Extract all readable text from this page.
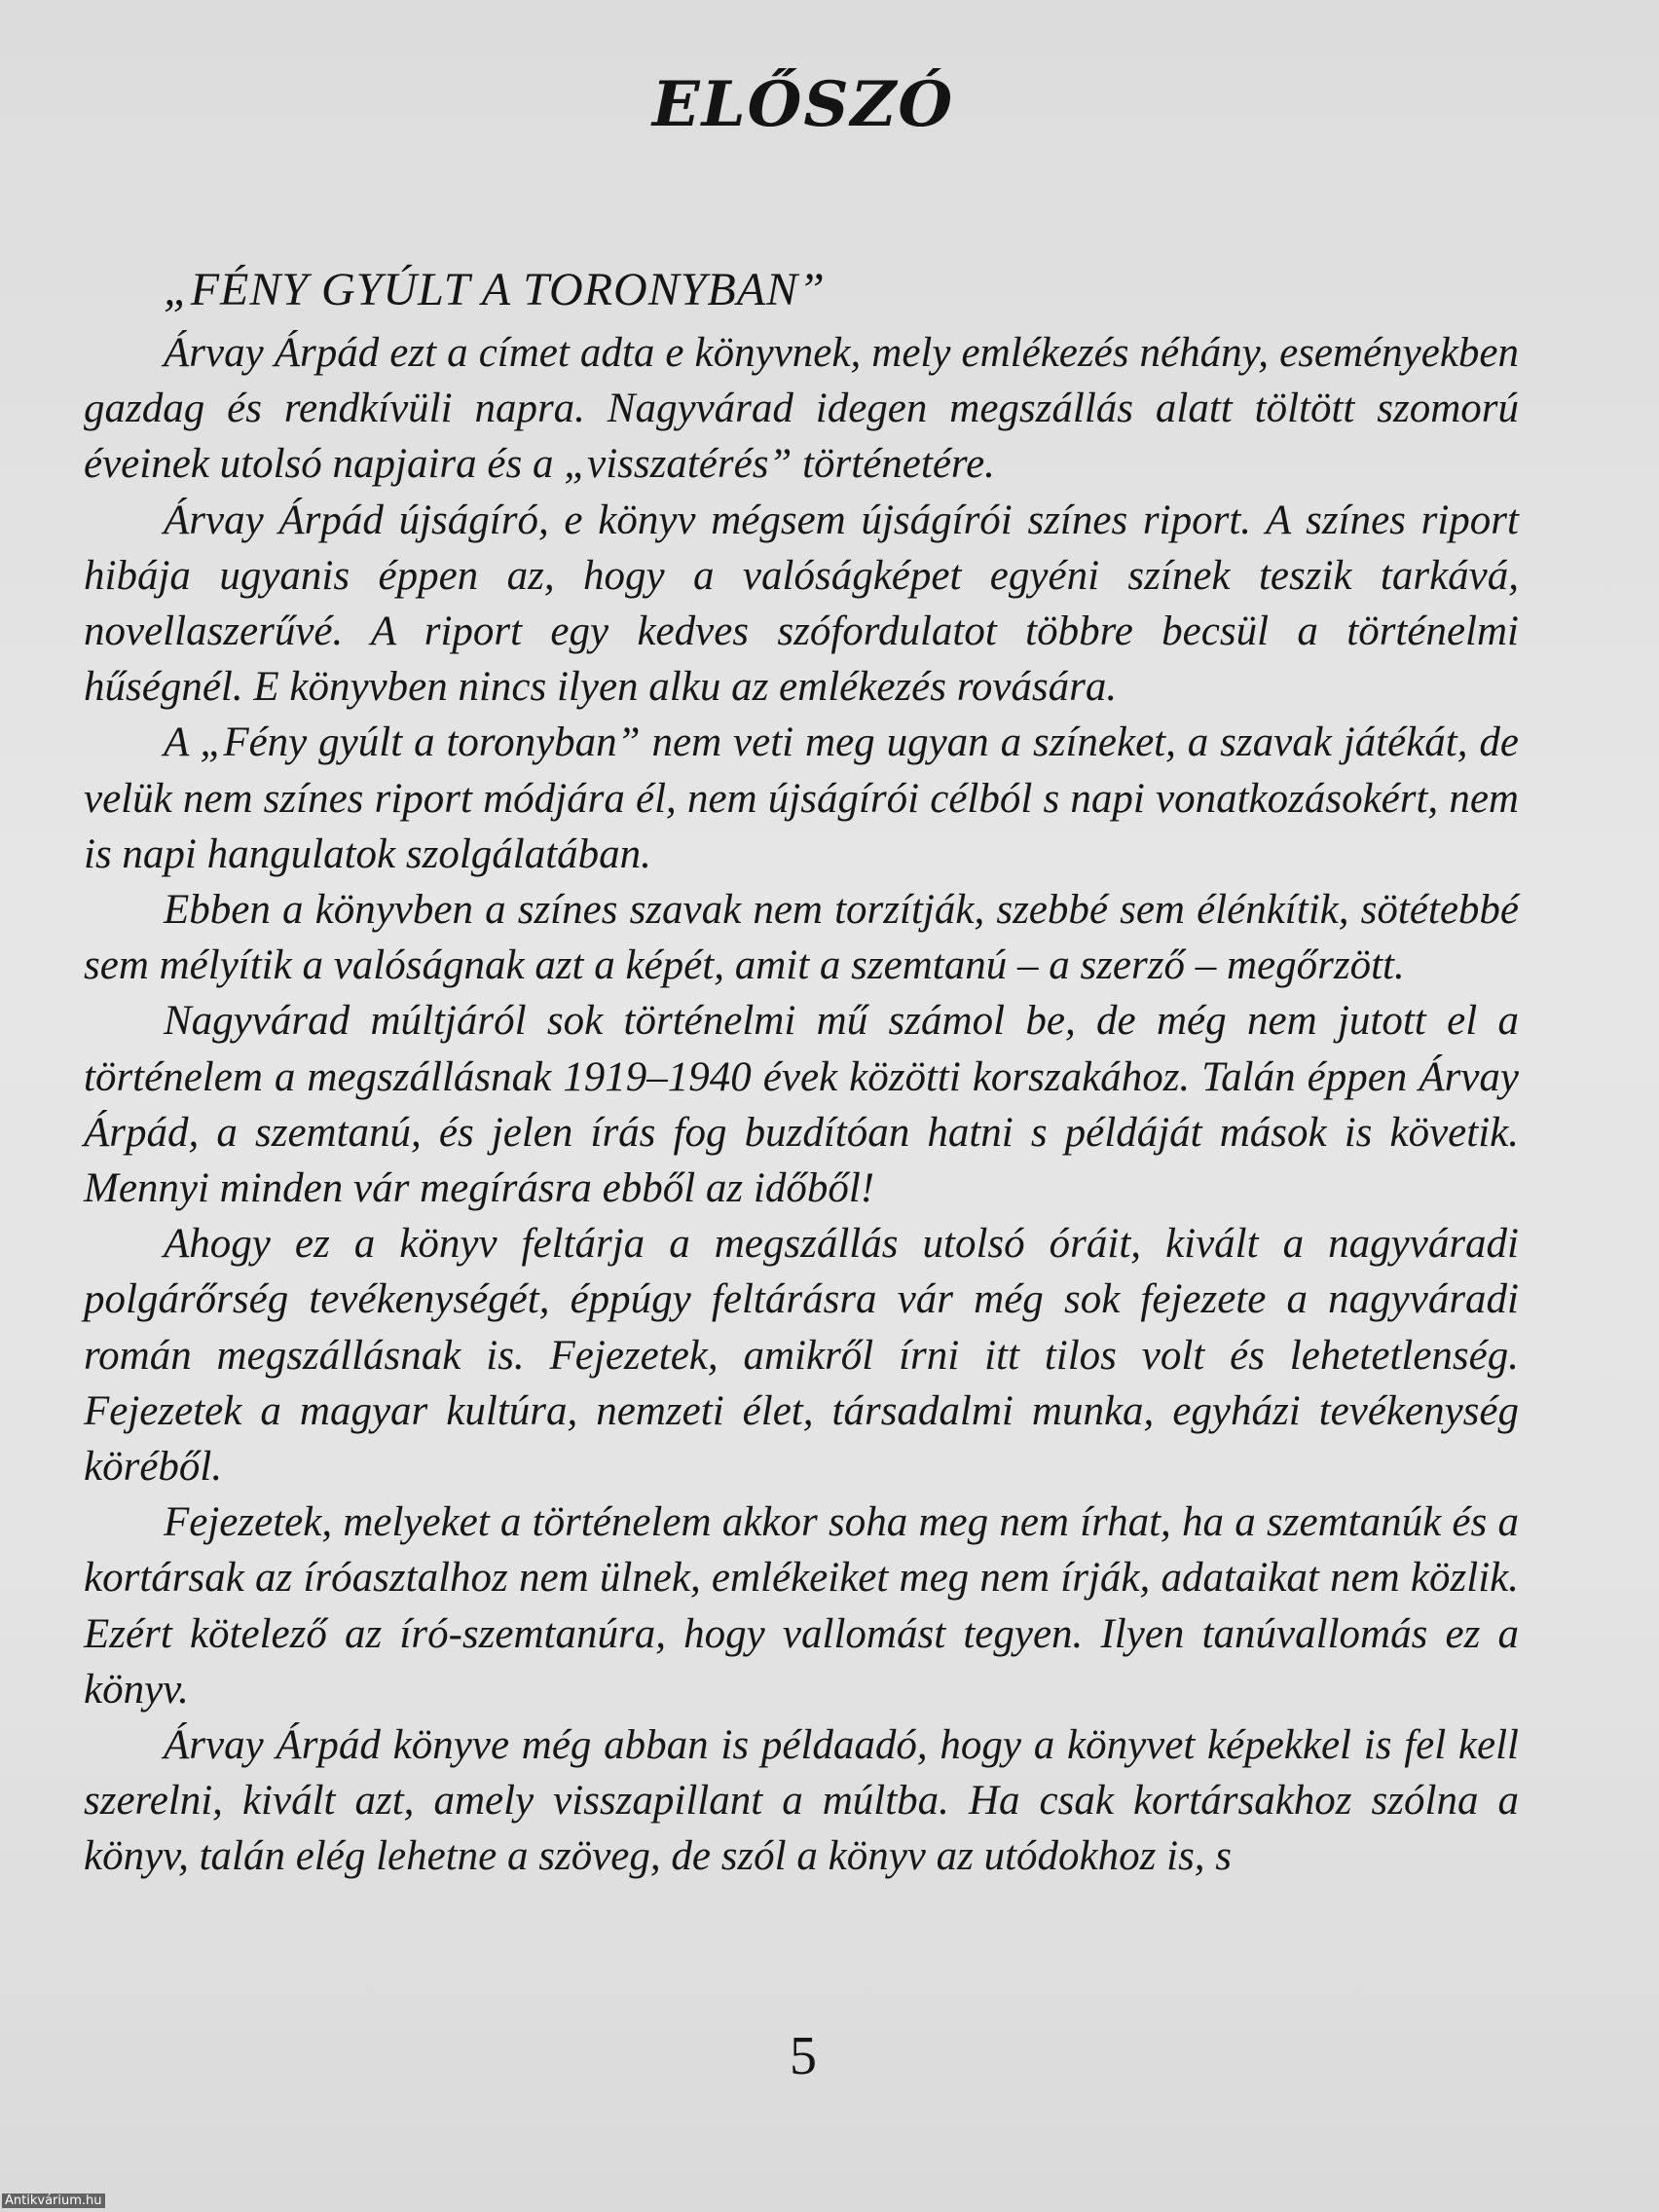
ELŐSZÓ
„FÉNY GYÚLT A TORONYBAN”

Árvay Árpád ezt a címet adta e könyvnek, mely emlékezés néhány, eseményekben gazdag és rendkívüli napra. Nagyvárad idegen megszállás alatt töltött szomorú éveinek utolsó napjaira és a „visszatérés” történetére.

Árvay Árpád újságíró, e könyv mégsem újságírói színes riport. A színes riport hibája ugyanis éppen az, hogy a valóságképet egyéni színek teszik tarkává, novellaszerűvé. A riport egy kedves szófordulatot többre becsül a történelmi hűségnél. E könyvben nincs ilyen alku az emlékezés rovására.

A „Fény gyúlt a toronyban” nem veti meg ugyan a színeket, a szavak játékát, de velük nem színes riport módjára él, nem újságírói célból s napi vonatkozásokért, nem is napi hangulatok szolgálatában.

Ebben a könyvben a színes szavak nem torzítják, szebbé sem élénkítik, sötétebbé sem mélyítik a valóságnak azt a képét, amit a szemtanú – a szerző – megőrzött.

Nagyvárad múltjáról sok történelmi mű számol be, de még nem jutott el a történelem a megszállásnak 1919–1940 évek közötti korszakához. Talán éppen Árvay Árpád, a szemtanú, és jelen írás fog buzdítóan hatni s példáját mások is követik. Mennyi minden vár megírásra ebből az időből!

Ahogy ez a könyv feltárja a megszállás utolsó óráit, kivált a nagyváradi polgárőrség tevékenységét, éppúgy feltárásra vár még sok fejezete a nagyváradi román megszállásnak is. Fejezetek, amikről írni itt tilos volt és lehetetlenség. Fejezetek a magyar kultúra, nemzeti élet, társadalmi munka, egyházi tevékenység köréből.

Fejezetek, melyeket a történelem akkor soha meg nem írhat, ha a szemtanúk és a kortársak az íróasztalhoz nem ülnek, emlékeiket meg nem írják, adataikat nem közlik. Ezért kötelező az író-szemtanúra, hogy vallomást tegyen. Ilyen tanúvallomás ez a könyv.

Árvay Árpád könyve még abban is példaadó, hogy a könyvet képekkel is fel kell szerelni, kivált azt, amely visszapillant a múltba. Ha csak kortársakhoz szólna a könyv, talán elég lehetne a szöveg, de szól a könyv az utódokhoz is, s

5
Antikvárium.hu
